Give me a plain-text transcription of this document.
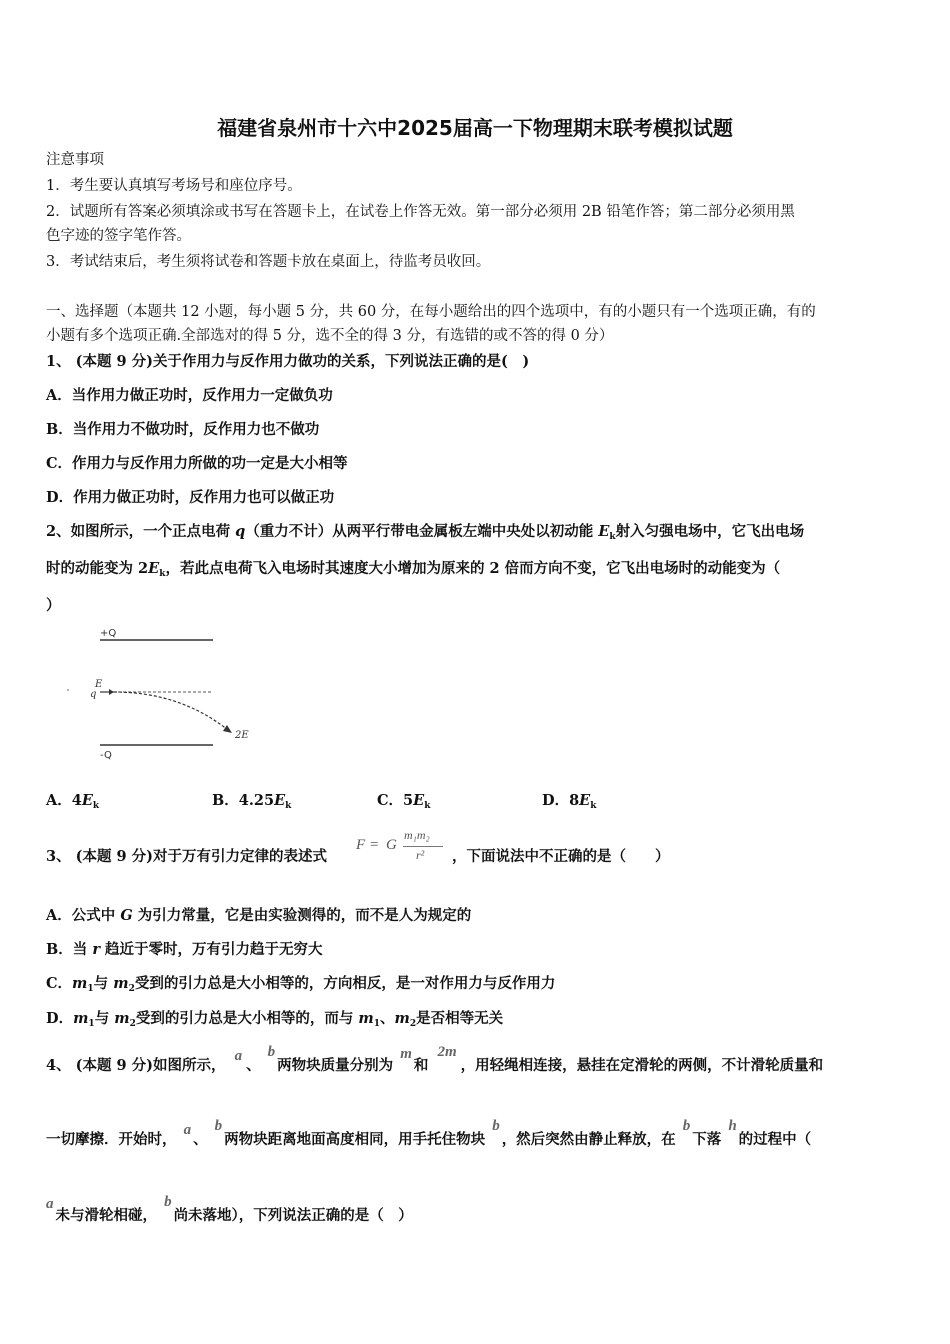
福建省泉州市十六中2025届高一下物理期末联考模拟试题
注意事项
1．考生要认真填写考场号和座位序号。
2．试题所有答案必须填涂或书写在答题卡上，在试卷上作答无效。第一部分必须用 2B 铅笔作答；第二部分必须用黑
色字迹的签字笔作答。
3．考试结束后，考生须将试卷和答题卡放在桌面上，待监考员收回。
一、选择题（本题共 12 小题，每小题 5 分，共 60 分，在每小题给出的四个选项中，有的小题只有一个选项正确，有的
小题有多个选项正确.全部选对的得 5 分，选不全的得 3 分，有选错的或不答的得 0 分）
1、 (本题 9 分)关于作用力与反作用力做功的关系，下列说法正确的是(　)
A．当作用力做正功时，反作用力一定做负功
B．当作用力不做功时，反作用力也不做功
C．作用力与反作用力所做的功一定是大小相等
D．作用力做正功时，反作用力也可以做正功
2、如图所示，一个正点电荷 q（重力不计）从两平行带电金属板左端中央处以初动能 $E_k$射入匀强电场中，它飞出电场
时的动能变为 $2E_k$，若此点电荷飞入电场时其速度大小增加为原来的 2 倍而方向不变，它飞出电场时的动能变为（
）
+Q
-Q
E
q
2E
A．$4E_k$	B．$4.25E_k$	C．$5E_k$	D．$8E_k$
3、 (本题 9 分)对于万有引力定律的表述式
F = G
m₁m₂
r² ，下面说法中不正确的是（　　）
A．公式中 G 为引力常量，它是由实验测得的，而不是人为规定的
B．当 r 趋近于零时，万有引力趋于无穷大
C．$m_1$与 $m_2$受到的引力总是大小相等的，方向相反，是一对作用力与反作用力
D．$m_1$与 $m_2$受到的引力总是大小相等的，而与 $m_1$、$m_2$是否相等无关
4、 (本题 9 分)如图所示， a、 b两物块质量分别为 m和 2m，用轻绳相连接，悬挂在定滑轮的两侧，不计滑轮质量和
一切摩擦．开始时， a、 b两物块距离地面高度相同，用手托住物块 b，然后突然由静止释放，在 b下落 h的过程中（
a未与滑轮相碰， b尚未落地），下列说法正确的是（　）
